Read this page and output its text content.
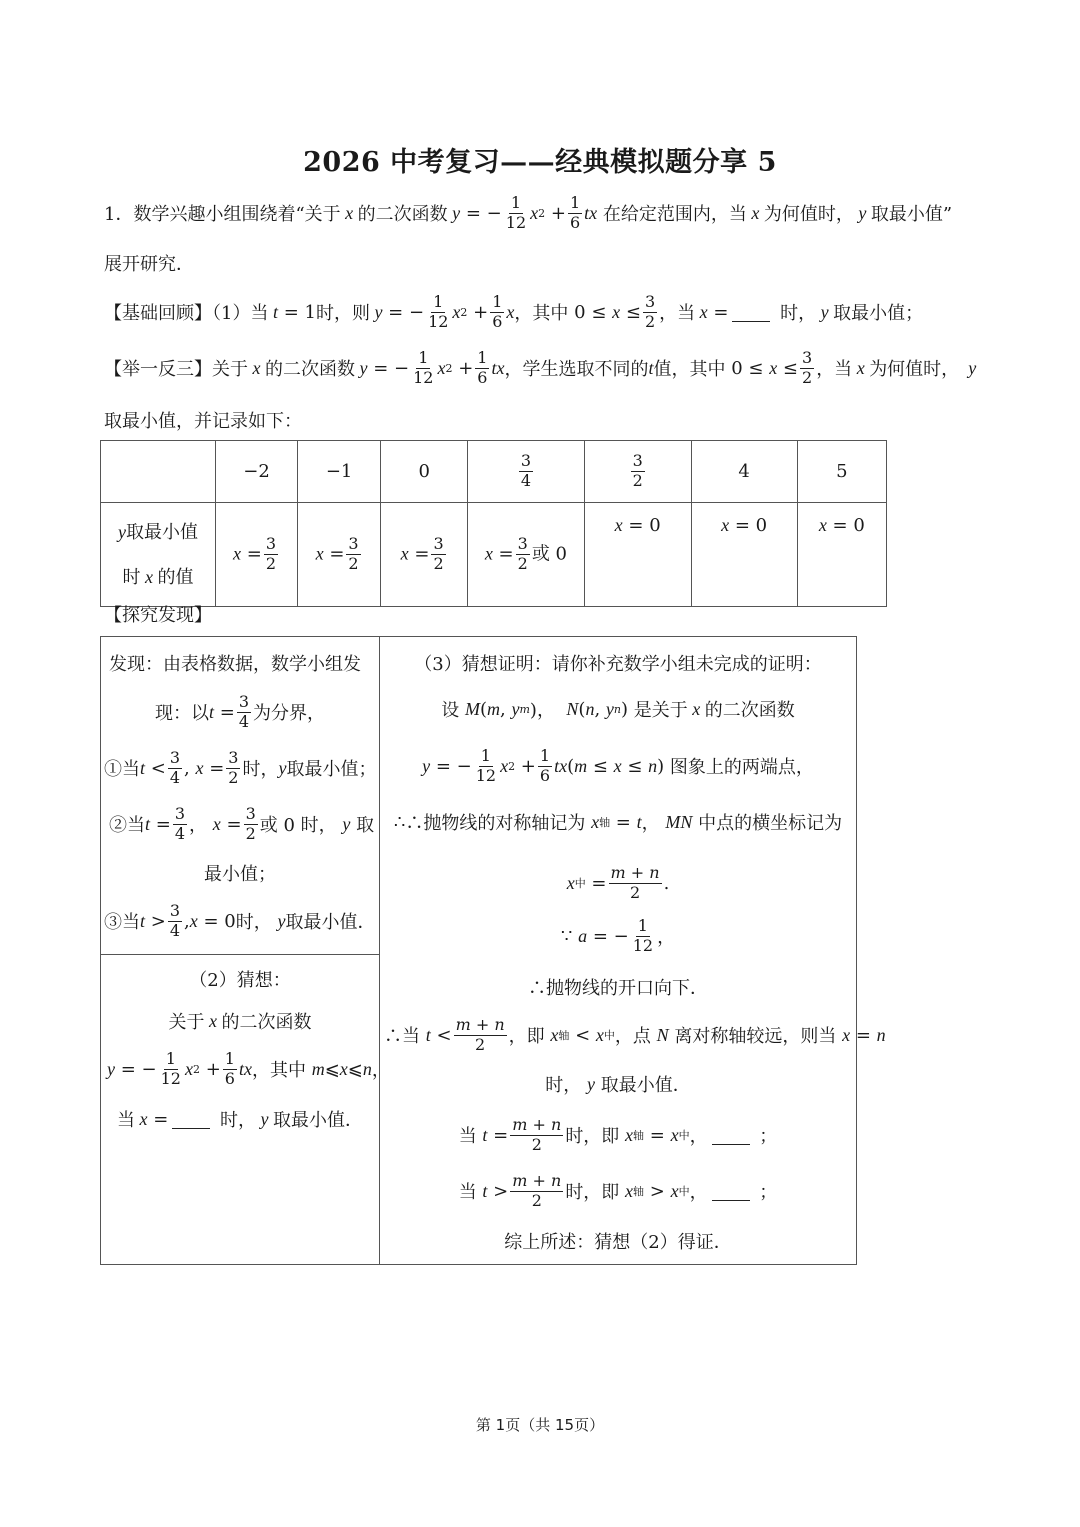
2026 中考复习——经典模拟题分享 5
1．数学兴趣小组围绕着“关于 x 的二次函数 y = − $\frac{1}{12}$ x $2 + \frac{1}{6}$ tx
在给定范围内，当 x 为何值时， y 取最小值”
展开研究．
【基础回顾】（1）当 t = 1 时，则 y = − $\frac{1}{12}$ x $2 + \frac{1}{6}$ x ，其中 $0 \le x \le \frac{3}{2}$ ，当 x =
	时， y 取最小值；
【举一反三】关于 x 的二次函数 y = − $\frac{1}{12}$ x $2 + \frac{1}{6}$ tx ，学生选取不同的 t 值，其中 $0 \le x \le \frac{3}{2}$ ，当 x 为何值时， y
取最小值，并记录如下：
	−2	−1	0	$\frac{3}{4}$	$\frac{3}{2}$	4	5
y取最小值
时 x 的值	$x = \frac{3}{2}$	$x = \frac{3}{2}$	$x = \frac{3}{2}$	$x = \frac{3}{2}$ 或 0	x = 0	x = 0	x = 0
【探究发现】
发现：由表格数据，数学小组发
现：以 $t = \frac{3}{4}$ 为分界，
①当 $t < \frac{3}{4}$ , $x = \frac{3}{2}$ 时， y 取最小值；
②当 $t = \frac{3}{4}$ ， $x = \frac{3}{2}$ 或 0 时，
y
取
最小值；
③当 $t > \frac{3}{4}$ , x = 0 时，
y 取最小值．
（2）猜想：
关于 x 的二次函数
y = − $\frac{1}{12}$ x $2 + \frac{1}{6}$ tx ，其中
m ⩽ x ⩽ n ，
当 x =
	时， y 取最小值．
（3）猜想证明：请你补充数学小组未完成的证明：
设
M ( m , y m )， N ( n , y n ) 是关于 x 的二次函数
y = − $\frac{1}{12}$ x $2 + \frac{1}{6}$ tx ( m ≤ x ≤ n ) 图象上的两端点，
∴ ∴抛物线的对称轴记为
x 轴 = t ， MN
中点的横坐标记为
x 中 = $\frac{m + n}{2}$ .
∵
a = − $\frac{1}{12}$ ，
∴抛物线的开口向下．
∴当
$t < \frac{m + n}{2}$ ，即
x 轴 < x 中 ，点
N
离对称轴较远，则当
x = n
时，
y
取最小值．
当
$t = \frac{m + n}{2}$ 时，即
x 轴 = x 中 ，	；
当
$t > \frac{m + n}{2}$ 时，即
x 轴 > x 中 ，	；
综上所述：猜想（2）得证．
第 1页（共 15页）
